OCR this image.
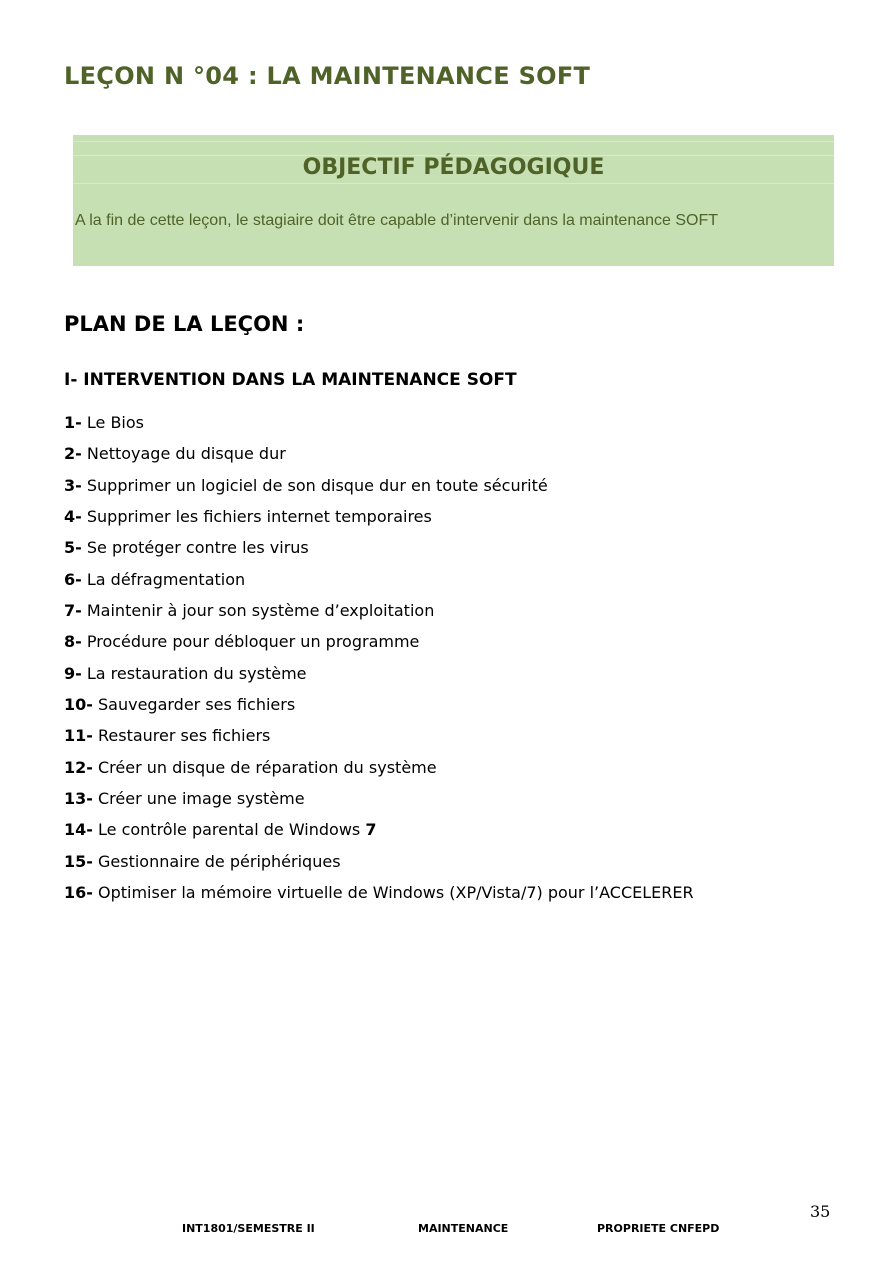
LEÇON N °04 : LA MAINTENANCE SOFT
OBJECTIF PÉDAGOGIQUE

A la fin de cette leçon, le stagiaire doit être capable d’intervenir dans la maintenance SOFT

PLAN DE LA LEÇON :
I- INTERVENTION DANS LA MAINTENANCE SOFT
1- Le Bios
2- Nettoyage du disque dur
3- Supprimer un logiciel de son disque dur en toute sécurité
4- Supprimer les fichiers internet temporaires
5- Se protéger contre les virus
6- La défragmentation
7- Maintenir à jour son système d’exploitation
8- Procédure pour débloquer un programme
9- La restauration du système
10- Sauvegarder ses fichiers
11- Restaurer ses fichiers
12- Créer un disque de réparation du système
13- Créer une image système
14- Le contrôle parental de Windows 7
15- Gestionnaire de périphériques
16- Optimiser la mémoire virtuelle de Windows (XP/Vista/7) pour l’ACCELERER
35
INT1801/SEMESTRE II	MAINTENANCE	PROPRIETE CNFEPD
